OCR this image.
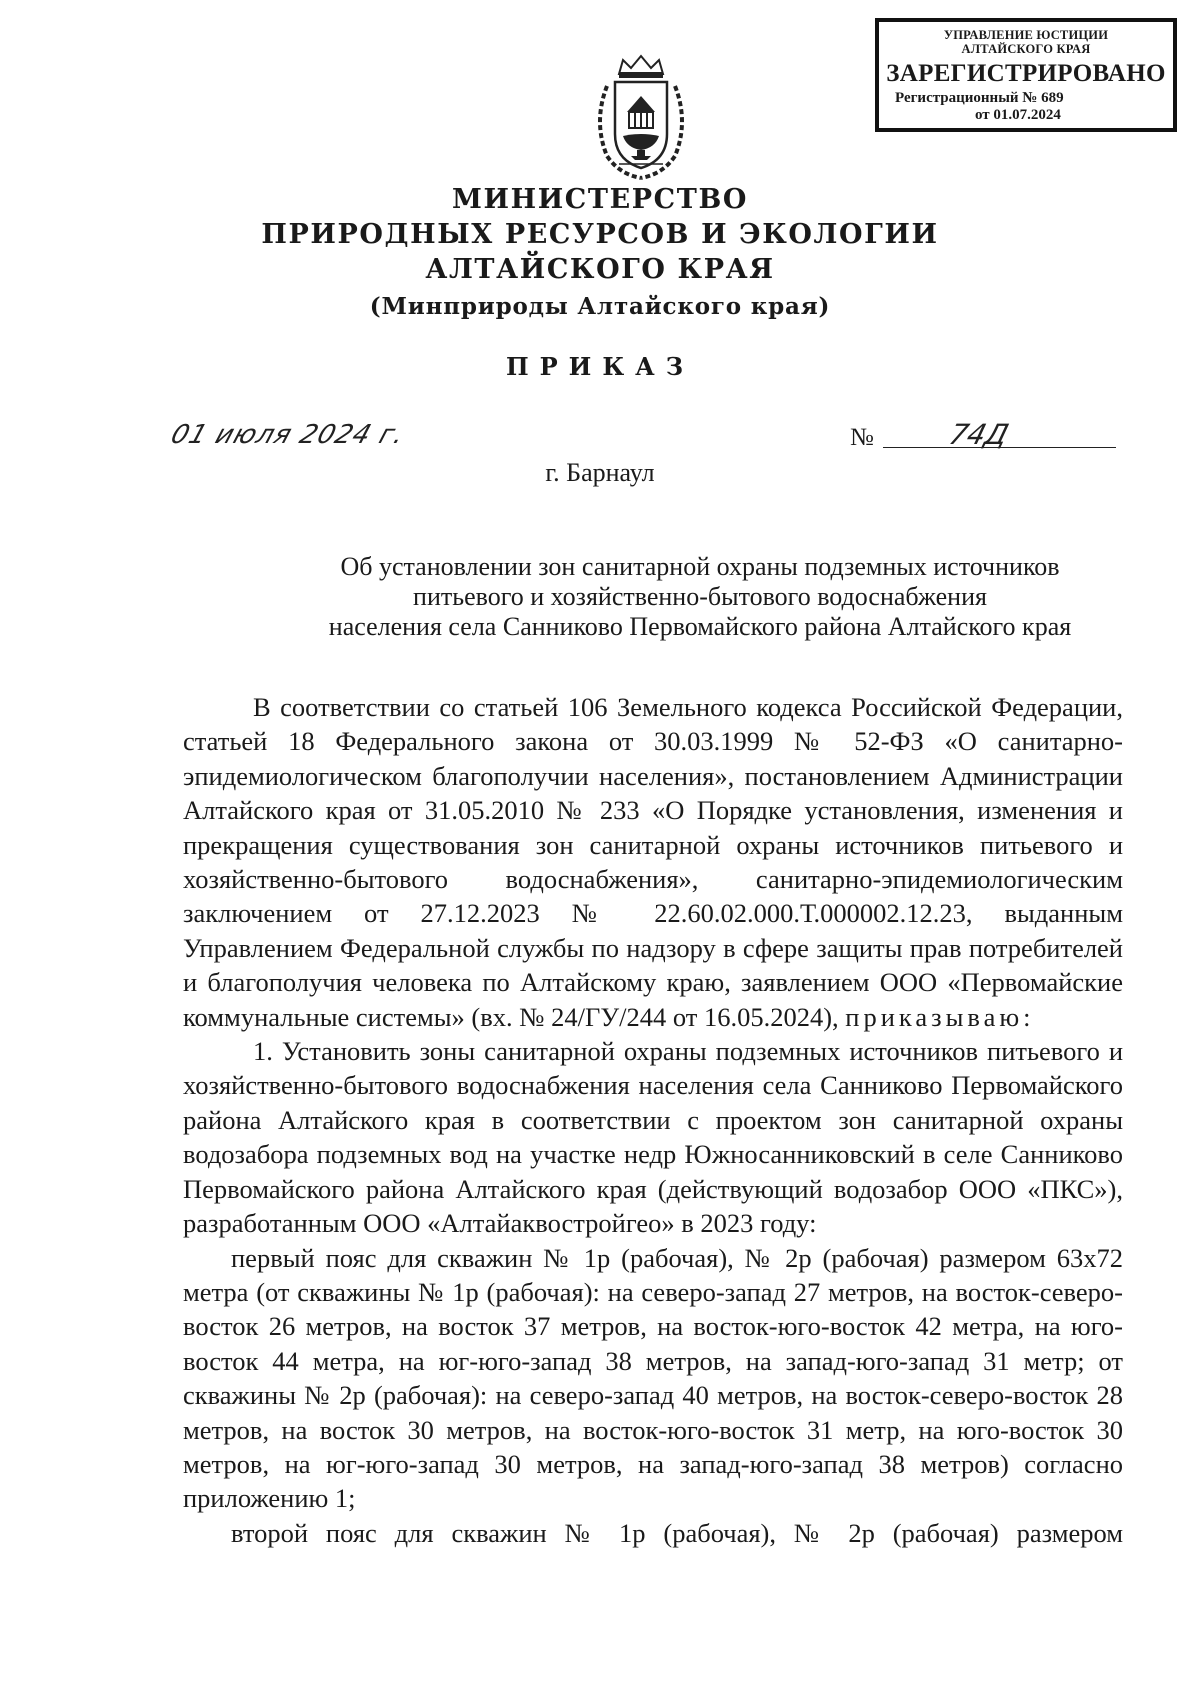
УПРАВЛЕНИЕ ЮСТИЦИИ
АЛТАЙСКОГО КРАЯ
ЗАРЕГИСТРИРОВАНО
Регистрационный № 689
от 01.07.2024
МИНИСТЕРСТВО
ПРИРОДНЫХ РЕСУРСОВ И ЭКОЛОГИИ
АЛТАЙСКОГО КРАЯ
(Минприроды Алтайского края)
ПРИКАЗ
01 июля 2024 г.	№	74Д
г. Барнаул
Об установлении зон санитарной охраны подземных источников
питьевого и хозяйственно-бытового водоснабжения
населения села Санниково Первомайского района Алтайского края

В соответствии со статьей 106 Земельного кодекса Российской Федерации, статьей 18 Федерального закона от 30.03.1999 № 52-ФЗ «О санитарно-эпидемиологическом благополучии населения», постановлением Администрации Алтайского края от 31.05.2010 № 233 «О Порядке установления, изменения и прекращения существования зон санитарной охраны источников питьевого и хозяйственно-бытового водоснабжения», санитарно-эпидемиологическим заключением от 27.12.2023 № 22.60.02.000.Т.000002.12.23, выданным Управлением Федеральной службы по надзору в сфере защиты прав потребителей и благополучия человека по Алтайскому краю, заявлением ООО «Первомайские коммунальные системы» (вх. № 24/ГУ/244 от 16.05.2024), приказываю:

1. Установить зоны санитарной охраны подземных источников питьевого и хозяйственно-бытового водоснабжения населения села Санниково Первомайского района Алтайского края в соответствии с проектом зон санитарной охраны водозабора подземных вод на участке недр Южносанниковский в селе Санниково Первомайского района Алтайского края (действующий водозабор ООО «ПКС»), разработанным ООО «Алтайаквостройгео» в 2023 году:

первый пояс для скважин № 1р (рабочая), № 2р (рабочая) размером 63х72 метра (от скважины № 1р (рабочая): на северо-запад 27 метров, на восток-северо-восток 26 метров, на восток 37 метров, на восток-юго-восток 42 метра, на юго-восток 44 метра, на юг-юго-запад 38 метров, на запад-юго-запад 31 метр; от скважины № 2р (рабочая): на северо-запад 40 метров, на восток-северо-восток 28 метров, на восток 30 метров, на восток-юго-восток 31 метр, на юго-восток 30 метров, на юг-юго-запад 30 метров, на запад-юго-запад 38 метров) согласно приложению 1;

второй пояс для скважин № 1р (рабочая), № 2р (рабочая) размером
